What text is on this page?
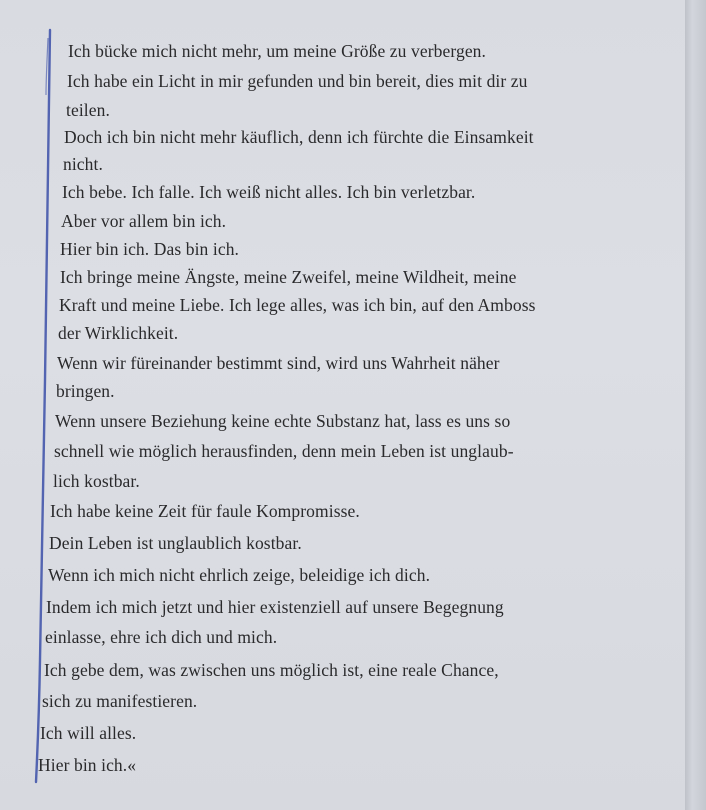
Ich bücke mich nicht mehr, um meine Größe zu verbergen.
Ich habe ein Licht in mir gefunden und bin bereit, dies mit dir zu
teilen.
Doch ich bin nicht mehr käuflich, denn ich fürchte die Einsamkeit
nicht.
Ich bebe. Ich falle. Ich weiß nicht alles. Ich bin verletzbar.
Aber vor allem bin ich.
Hier bin ich. Das bin ich.
Ich bringe meine Ängste, meine Zweifel, meine Wildheit, meine
Kraft und meine Liebe. Ich lege alles, was ich bin, auf den Amboss
der Wirklichkeit.
Wenn wir füreinander bestimmt sind, wird uns Wahrheit näher
bringen.
Wenn unsere Beziehung keine echte Substanz hat, lass es uns so
schnell wie möglich herausfinden, denn mein Leben ist unglaub-
lich kostbar.
Ich habe keine Zeit für faule Kompromisse.
Dein Leben ist unglaublich kostbar.
Wenn ich mich nicht ehrlich zeige, beleidige ich dich.
Indem ich mich jetzt und hier existenziell auf unsere Begegnung
einlasse, ehre ich dich und mich.
Ich gebe dem, was zwischen uns möglich ist, eine reale Chance,
sich zu manifestieren.
Ich will alles.
Hier bin ich.«
